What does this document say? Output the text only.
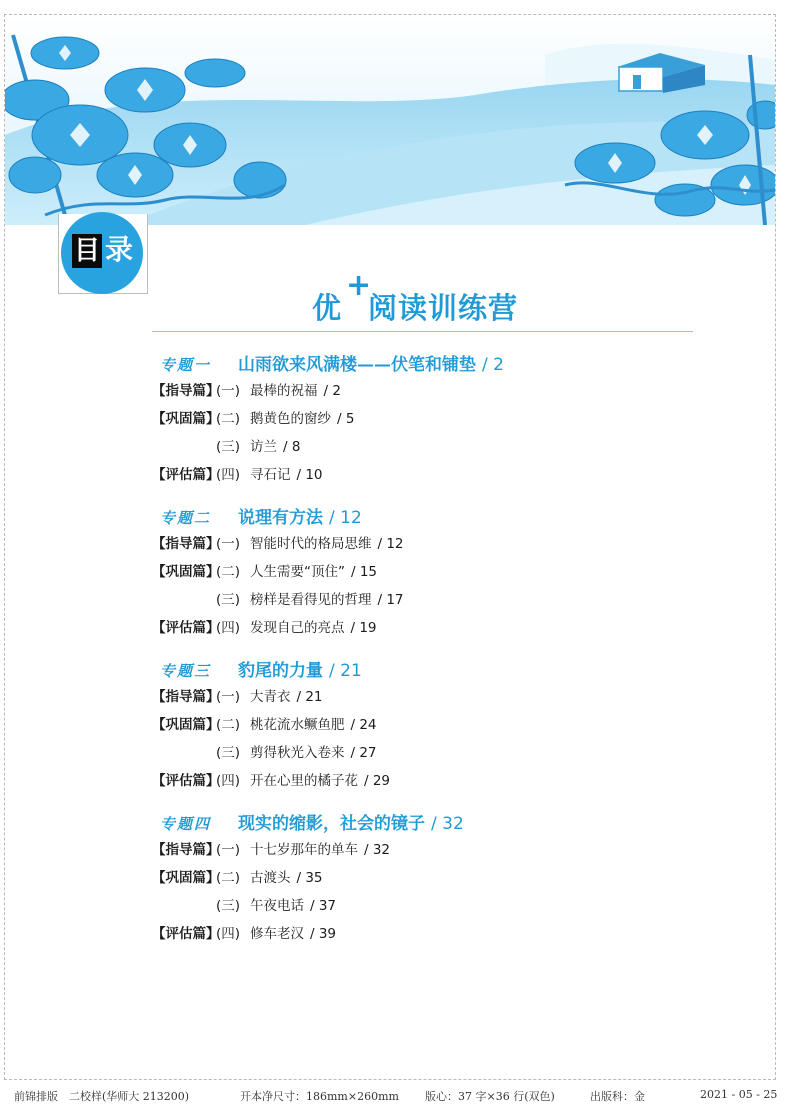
目 录
优
+
阅读训练营
专题一 山雨欲来风满楼——伏笔和铺垫 / 2
【指导篇】(一) 最棒的祝福 / 2
【巩固篇】(二) 鹅黄色的窗纱 / 5
(三) 访兰 / 8
【评估篇】(四) 寻石记 / 10
专题二 说理有方法 / 12
【指导篇】(一) 智能时代的格局思维 / 12
【巩固篇】(二) 人生需要“顶住” / 15
(三) 榜样是看得见的哲理 / 17
【评估篇】(四) 发现自己的亮点 / 19
专题三 豹尾的力量 / 21
【指导篇】(一) 大青衣 / 21
【巩固篇】(二) 桃花流水鳜鱼肥 / 24
(三) 剪得秋光入卷来 / 27
【评估篇】(四) 开在心里的橘子花 / 29
专题四 现实的缩影，社会的镜子 / 32
【指导篇】(一) 十七岁那年的单车 / 32
【巩固篇】(二) 古渡头 / 35
(三) 午夜电话 / 37
【评估篇】(四) 修车老汉 / 39
前锦排版　二校样(华师大 213200)	开本净尺寸：186mm×260mm 版心：37 字×36 行(双色)	出版科：金	2021 - 05 - 25
